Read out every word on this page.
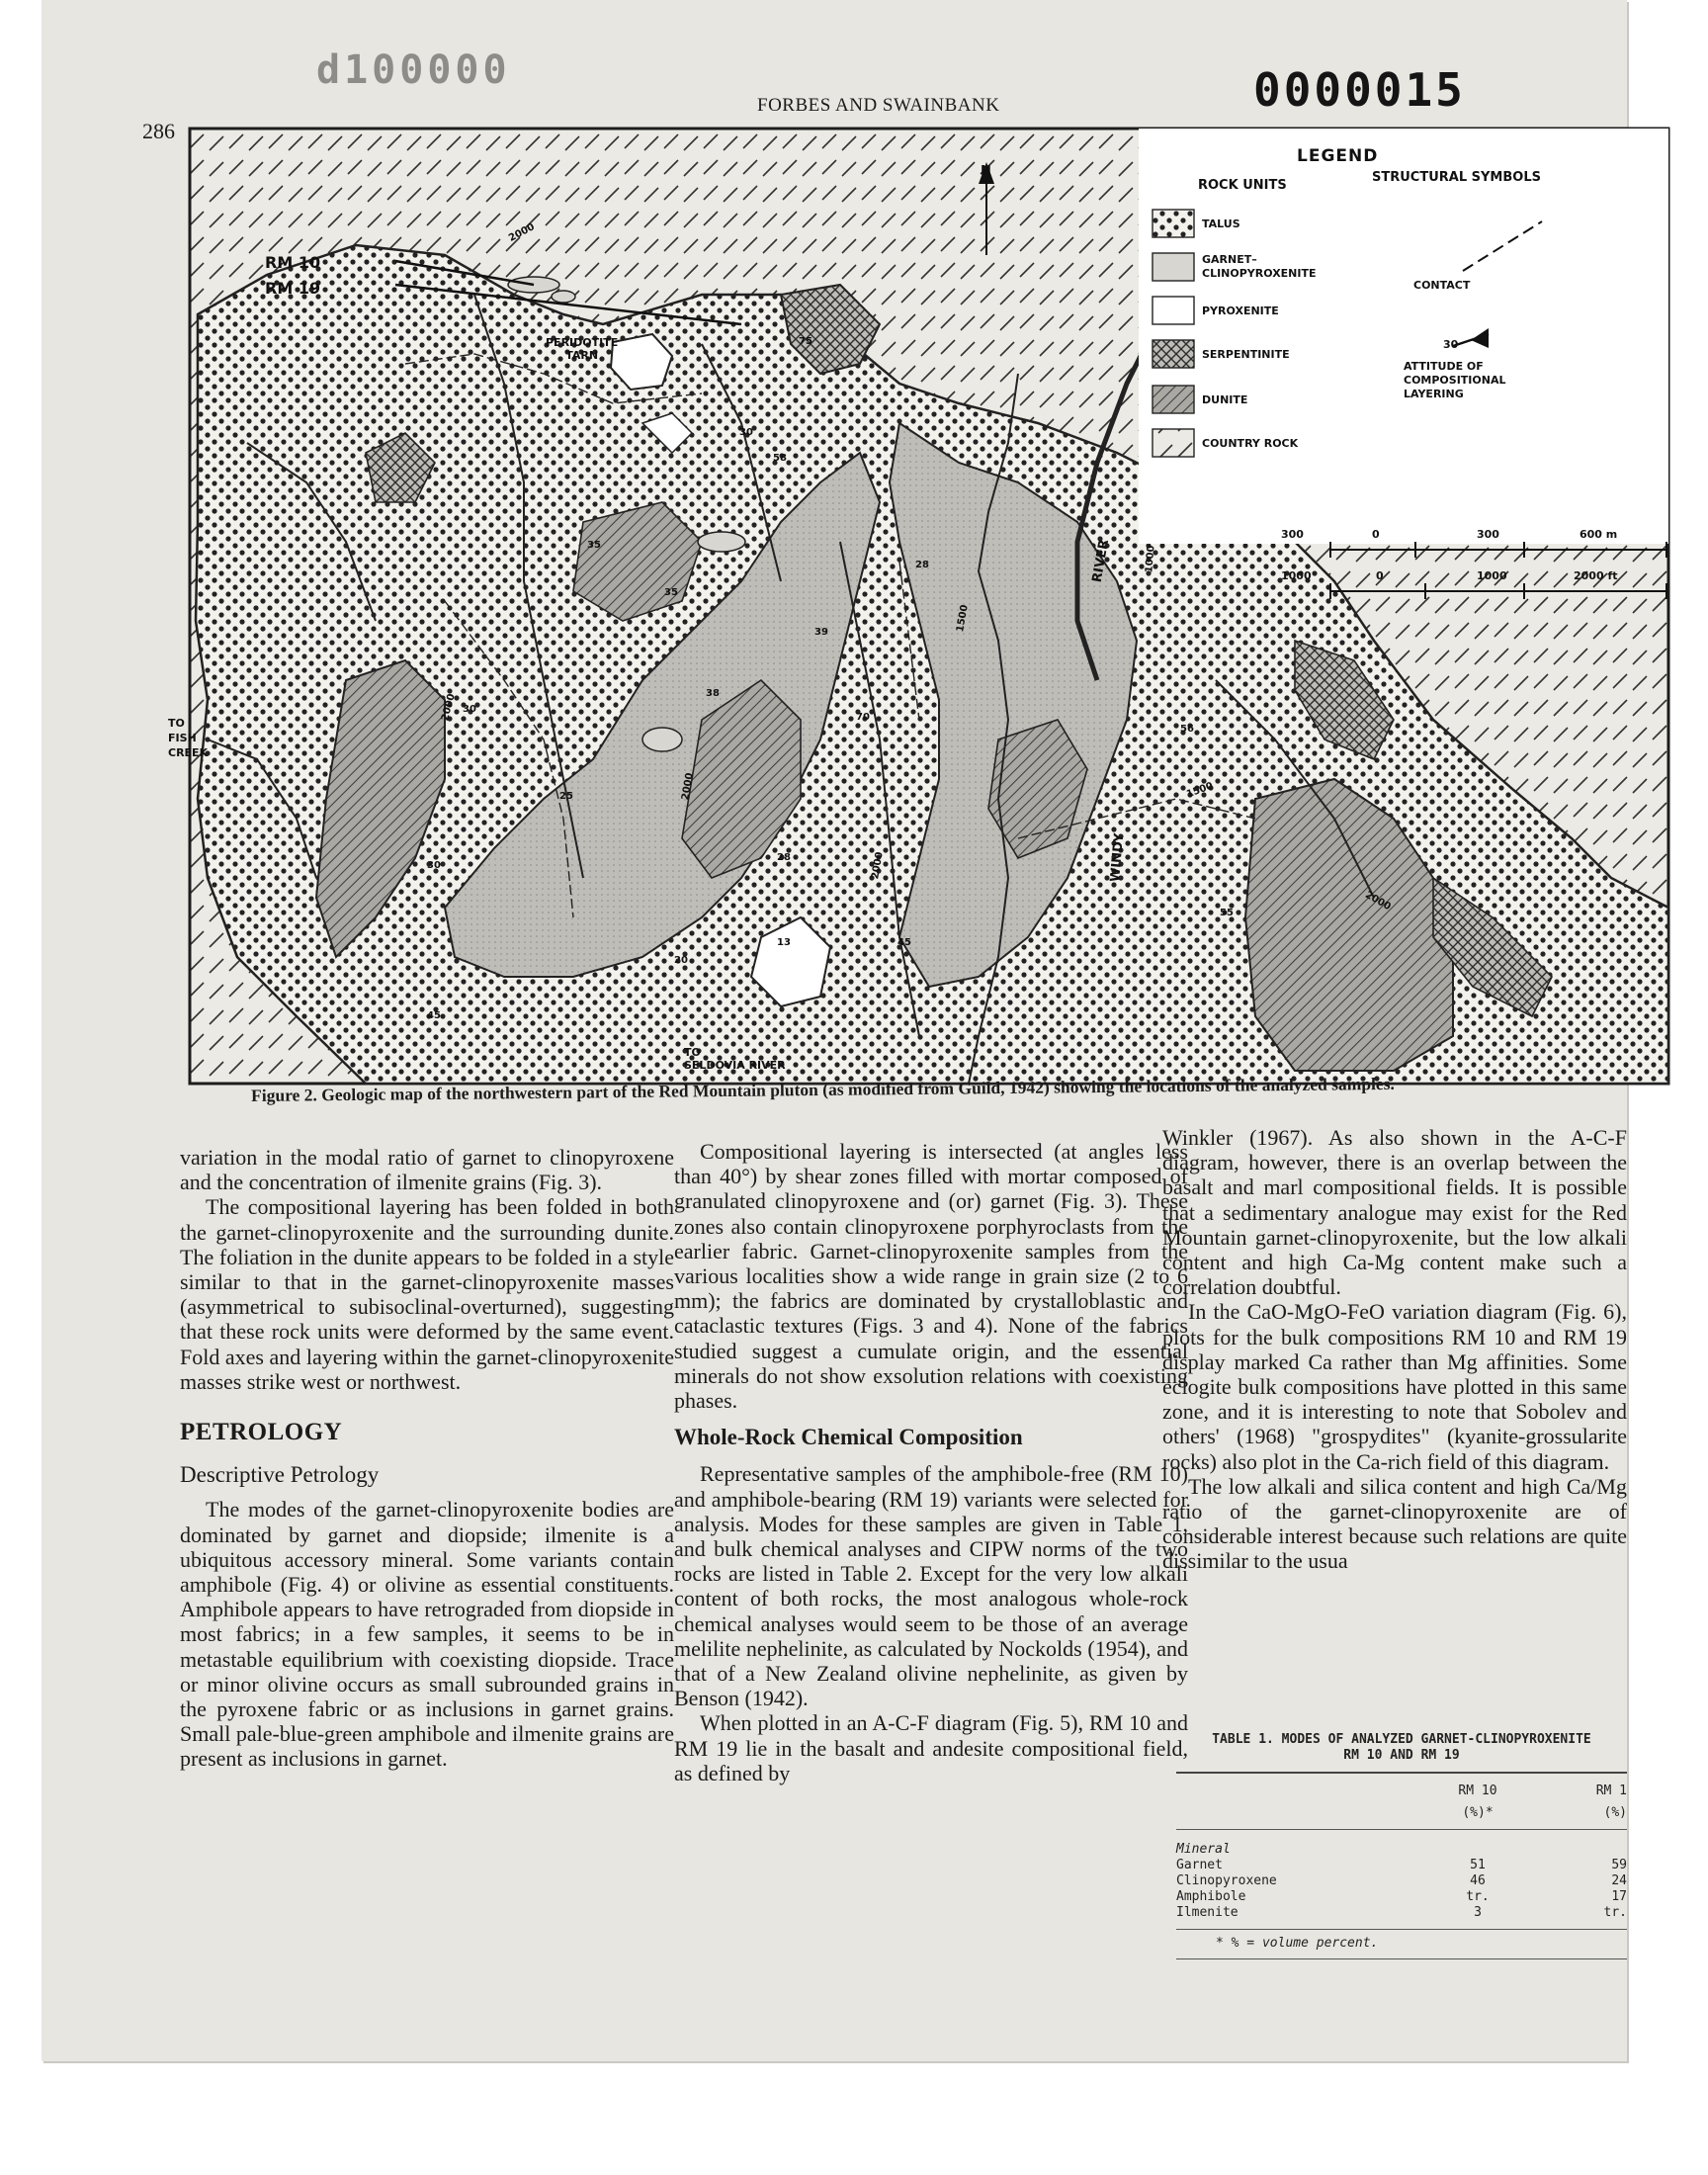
d100000	0000015
286
FORBES AND SWAINBANK
LEGEND
ROCK UNITS
STRUCTURAL SYMBOLS
TALUS
GARNET–
CLINOPYROXENITE
PYROXENITE
SERPENTINITE
DUNITE
COUNTRY ROCK
CONTACT
30
ATTITUDE OF
COMPOSITIONAL
LAYERING
300	0	300	600 m
1000	0	1000	2000 ft
N
RM 10
RM 19
PERIDOTITE
TARN
TO
FISH
CREEK
TO
SELDOVIA RIVER
RIVER
WINDY
2000
1500
1000
1500
2000
2000
2000
2000
75
30
58
35
35
28
39
38
70
30
25
28
13	45
20
45
56
55
30
Figure 2. Geologic map of the northwestern part of the Red Mountain pluton (as modified from Guild, 1942) showing the locations of the analyzed samples.

variation in the modal ratio of garnet to clinopyroxene and the concentration of ilmenite grains (Fig. 3).

The compositional layering has been folded in both the garnet-clinopyroxenite and the surrounding dunite. The foliation in the dunite appears to be folded in a style similar to that in the garnet-clinopyroxenite masses (asymmetrical to subisoclinal-overturned), suggesting that these rock units were deformed by the same event. Fold axes and layering within the garnet-clinopyroxenite masses strike west or northwest.

PETROLOGY
Descriptive Petrology

The modes of the garnet-clinopyroxenite bodies are dominated by garnet and diopside; ilmenite is a ubiquitous accessory mineral. Some variants contain amphibole (Fig. 4) or olivine as essential constituents. Amphibole appears to have retrograded from diopside in most fabrics; in a few samples, it seems to be in metastable equilibrium with coexisting diopside. Trace or minor olivine occurs as small subrounded grains in the pyroxene fabric or as inclusions in garnet grains. Small pale-blue-green amphibole and ilmenite grains are present as inclusions in garnet.

Compositional layering is intersected (at angles less than 40°) by shear zones filled with mortar composed of granulated clinopyroxene and (or) garnet (Fig. 3). These zones also contain clinopyroxene porphyroclasts from the earlier fabric. Garnet-clinopyroxenite samples from the various localities show a wide range in grain size (2 to 6 mm); the fabrics are dominated by crystalloblastic and cataclastic textures (Figs. 3 and 4). None of the fabrics studied suggest a cumulate origin, and the essential minerals do not show exsolution relations with coexisting phases.

Whole-Rock Chemical Composition

Representative samples of the amphibole-free (RM 10) and amphibole-bearing (RM 19) variants were selected for analysis. Modes for these samples are given in Table 1, and bulk chemical analyses and CIPW norms of the two rocks are listed in Table 2. Except for the very low alkali content of both rocks, the most analogous whole-rock chemical analyses would seem to be those of an average melilite nephelinite, as calculated by Nockolds (1954), and that of a New Zealand olivine nephelinite, as given by Benson (1942).

When plotted in an A-C-F diagram (Fig. 5), RM 10 and RM 19 lie in the basalt and andesite compositional field, as defined by

Winkler (1967). As also shown in the A-C-F diagram, however, there is an overlap between the basalt and marl compositional fields. It is possible that a sedimentary analogue may exist for the Red Mountain garnet-clinopyroxenite, but the low alkali content and high Ca-Mg content make such a correlation doubtful.

In the CaO-MgO-FeO variation diagram (Fig. 6), plots for the bulk compositions RM 10 and RM 19 display marked Ca rather than Mg affinities. Some eclogite bulk compositions have plotted in this same zone, and it is interesting to note that Sobolev and others' (1968) "grospydites" (kyanite-grossularite rocks) also plot in the Ca-rich field of this diagram.

The low alkali and silica content and high Ca/Mg ratio of the garnet-clinopyroxenite are of considerable interest because such relations are quite dissimilar to the usua

TABLE 1. MODES OF ANALYZED GARNET-CLINOPYROXENITE
RM 10 AND RM 19
RM 10	RM 1
(%)*	(%)
Mineral
Garnet	51	59
Clinopyroxene	46	24
Amphibole	tr.	17
Ilmenite	3	tr.
* % = volume percent.
